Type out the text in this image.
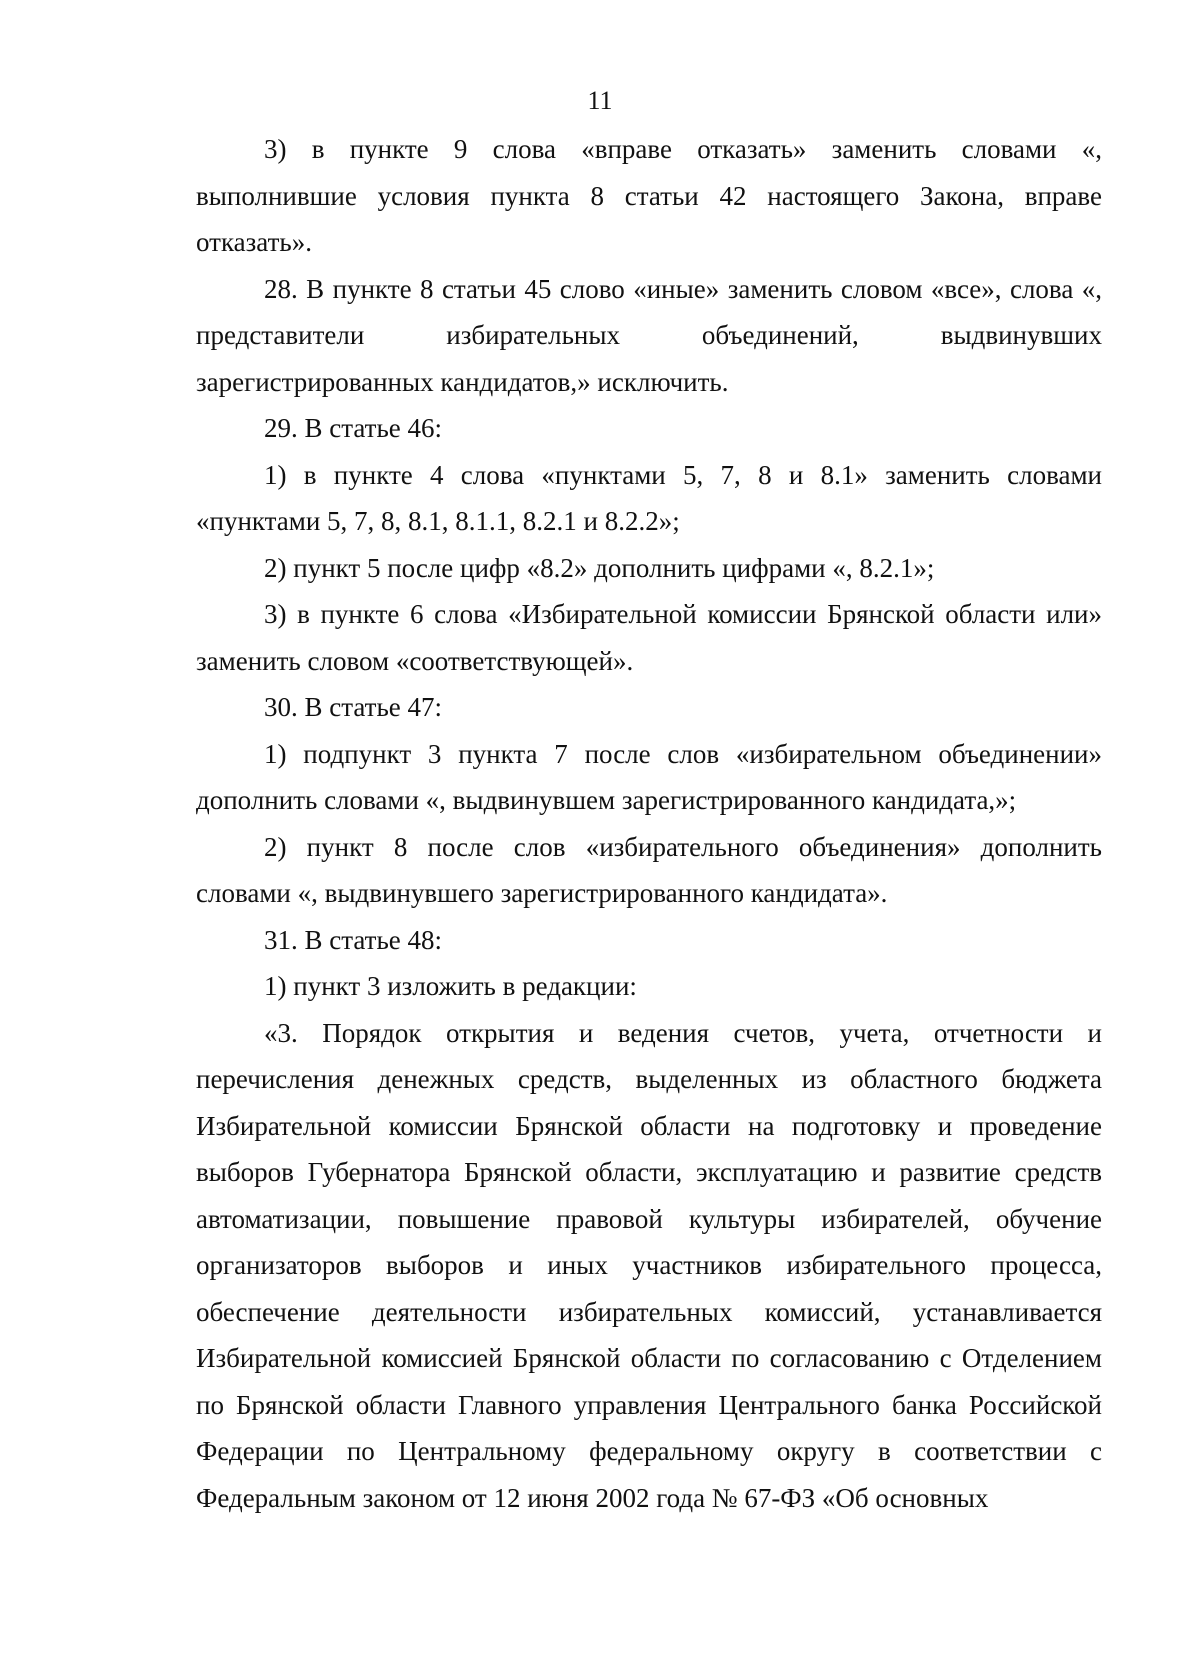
11

3) в пункте 9 слова «вправе отказать» заменить словами «, выполнившие условия пункта 8 статьи 42 настоящего Закона, вправе отказать».

28. В пункте 8 статьи 45 слово «иные» заменить словом «все», слова «, представители избирательных объединений, выдвинувших зарегистрированных кандидатов,» исключить.

29. В статье 46:

1) в пункте 4 слова «пунктами 5, 7, 8 и 8.1» заменить словами «пунктами 5, 7, 8, 8.1, 8.1.1, 8.2.1 и 8.2.2»;

2) пункт 5 после цифр «8.2» дополнить цифрами «, 8.2.1»;

3) в пункте 6 слова «Избирательной комиссии Брянской области или» заменить словом «соответствующей».

30. В статье 47:

1) подпункт 3 пункта 7 после слов «избирательном объединении» дополнить словами «, выдвинувшем зарегистрированного кандидата,»;

2) пункт 8 после слов «избирательного объединения» дополнить словами «, выдвинувшего зарегистрированного кандидата».

31. В статье 48:

1) пункт 3 изложить в редакции:

«3. Порядок открытия и ведения счетов, учета, отчетности и перечисления денежных средств, выделенных из областного бюджета Избирательной комиссии Брянской области на подготовку и проведение выборов Губернатора Брянской области, эксплуатацию и развитие средств автоматизации, повышение правовой культуры избирателей, обучение организаторов выборов и иных участников избирательного процесса, обеспечение деятельности избирательных комиссий, устанавливается Избирательной комиссией Брянской области по согласованию с Отделением по Брянской области Главного управления Центрального банка Российской Федерации по Центральному федеральному округу в соответствии с Федеральным законом от 12 июня 2002 года № 67-ФЗ «Об основных
